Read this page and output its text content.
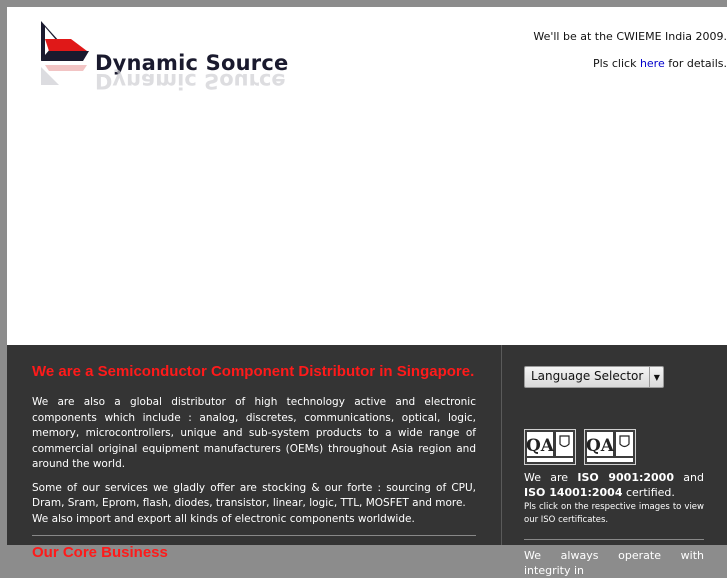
Dynamic Source
Dynamic Source

We'll be at the CWIEME India 2009.

Pls click here for details.

We are a Semiconductor Component Distributor in Singapore.

We are also a global distributor of high technology active and electronic components which include : analog, discretes, communications, optical, logic, memory, microcontrollers, unique and sub-system products to a wide range of commercial original equipment manufacturers (OEMs) throughout Asia region and around the world.

Some of our services we gladly offer are stocking & our forte : sourcing of CPU, Dram, Sram, Eprom, flash, diodes, transistor, linear, logic, TTL, MOSFET and more.
We also import and export all kinds of electronic components worldwide.

Our Core Business
Language Selector	▼
QA QA
We are ISO 9001:2000 and ISO 14001:2004 certified.
Pls click on the respective images to view our ISO certificates.
We always operate with integrity in
